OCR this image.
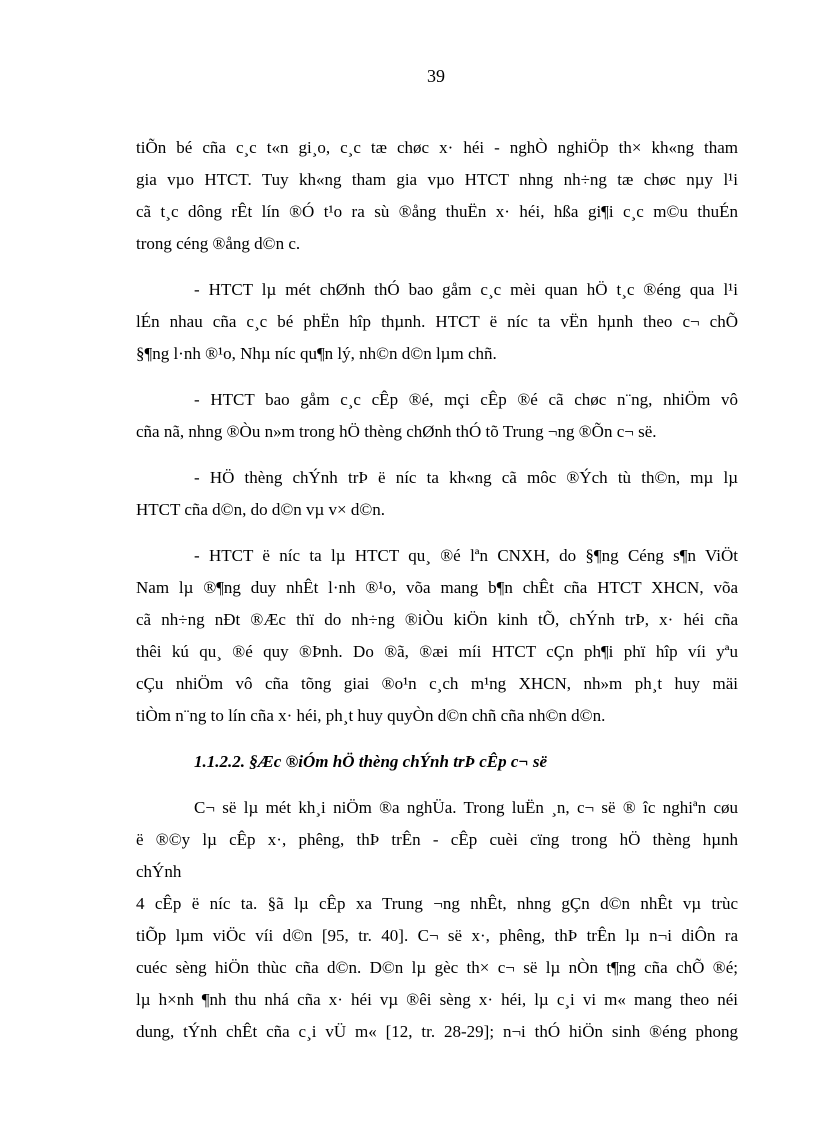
39

tiÕn bé cña c¸c t«n gi¸o, c¸c tæ chøc x· héi - nghÒ nghiÖp th× kh«ng tham
gia vµo HTCT. Tuy kh«ng tham gia vµo HTCT nhng nh÷ng tæ chøc nµy l¹i
cã t¸c dông rÊt lín ®Ó t¹o ra sù ®ång thuËn x· héi, hßa gi¶i c¸c m©u thuÉn
trong céng ®ång d©n c.

- HTCT lµ mét chØnh thÓ bao gåm c¸c mèi quan hÖ t¸c ®éng qua l¹i
lÉn nhau cña c¸c bé phËn hîp thµnh. HTCT ë níc ta vËn hµnh theo c¬ chÕ
§¶ng l·nh ®¹o, Nhµ níc qu¶n lý, nh©n d©n lµm chñ.

- HTCT bao gåm c¸c cÊp ®é, mçi cÊp ®é cã chøc n¨ng, nhiÖm vô
cña nã, nhng ®Òu n»m trong hÖ thèng chØnh thÓ tõ Trung ¬ng ®Õn c¬ së.

- HÖ thèng chÝnh trÞ ë níc ta kh«ng cã môc ®Ých tù th©n, mµ lµ
HTCT cña d©n, do d©n vµ v× d©n.

- HTCT ë níc ta lµ HTCT qu¸ ®é lªn CNXH, do §¶ng Céng s¶n ViÖt
Nam lµ ®¶ng duy nhÊt l·nh ®¹o, võa mang b¶n chÊt cña HTCT XHCN, võa
cã nh÷ng nÐt ®Æc thï do nh÷ng ®iÒu kiÖn kinh tÕ, chÝnh trÞ, x· héi cña
thêi kú qu¸ ®é quy ®Þnh. Do ®ã, ®æi míi HTCT cÇn ph¶i phï hîp víi yªu
cÇu nhiÖm vô cña tõng giai ®o¹n c¸ch m¹ng XHCN, nh»m ph¸t huy mäi
tiÒm n¨ng to lín cña x· héi, ph¸t huy quyÒn d©n chñ cña nh©n d©n.

1.1.2.2. §Æc ®iÓm hÖ thèng chÝnh trÞ cÊp c¬ së

C¬ së lµ mét kh¸i niÖm ®a nghÜa. Trong luËn ¸n, c¬ së ® îc nghiªn cøu
ë ®©y lµ cÊp x·, phêng, thÞ trÊn - cÊp cuèi cïng trong hÖ thèng hµnh
chÝnh

4 cÊp ë níc ta. §ã lµ cÊp xa Trung ¬ng nhÊt, nhng gÇn d©n nhÊt vµ trùc
tiÕp lµm viÖc víi d©n [95, tr. 40]. C¬ së x·, phêng, thÞ trÊn lµ n¬i diÔn ra
cuéc sèng hiÖn thùc cña d©n. D©n lµ gèc th× c¬ së lµ nÒn t¶ng cña chÕ ®é;
lµ h×nh ¶nh thu nhá cña x· héi vµ ®êi sèng x· héi, lµ c¸i vi m« mang theo néi
dung, tÝnh chÊt cña c¸i vÜ m« [12, tr. 28-29]; n¬i thÓ hiÖn sinh ®éng phong
